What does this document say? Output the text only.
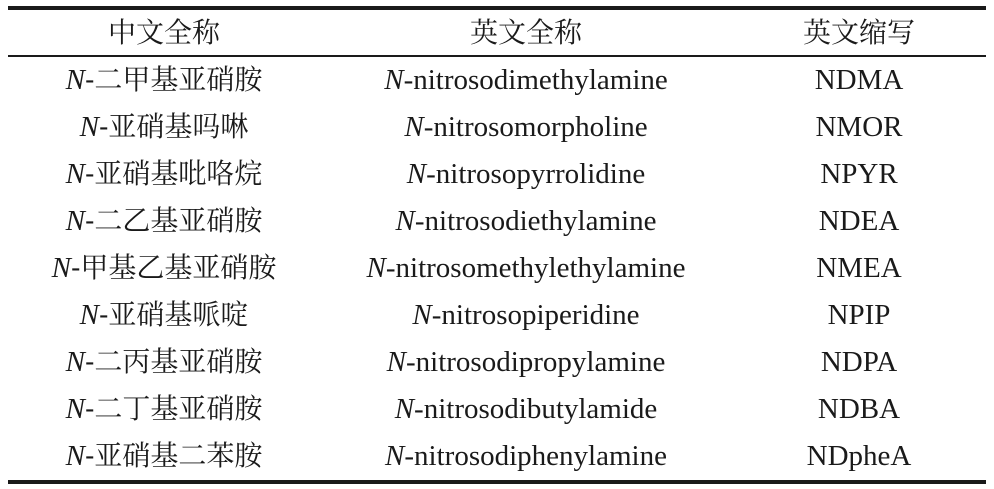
中文全称	英文全称	英文缩写
N-二甲基亚硝胺	N-nitrosodimethylamine	NDMA
N-亚硝基吗啉	N-nitrosomorpholine	NMOR
N-亚硝基吡咯烷	N-nitrosopyrrolidine	NPYR
N-二乙基亚硝胺	N-nitrosodiethylamine	NDEA
N-甲基乙基亚硝胺	N-nitrosomethylethylamine	NMEA
N-亚硝基哌啶	N-nitrosopiperidine	NPIP
N-二丙基亚硝胺	N-nitrosodipropylamine	NDPA
N-二丁基亚硝胺	N-nitrosodibutylamide	NDBA
N-亚硝基二苯胺	N-nitrosodiphenylamine	NDpheA
